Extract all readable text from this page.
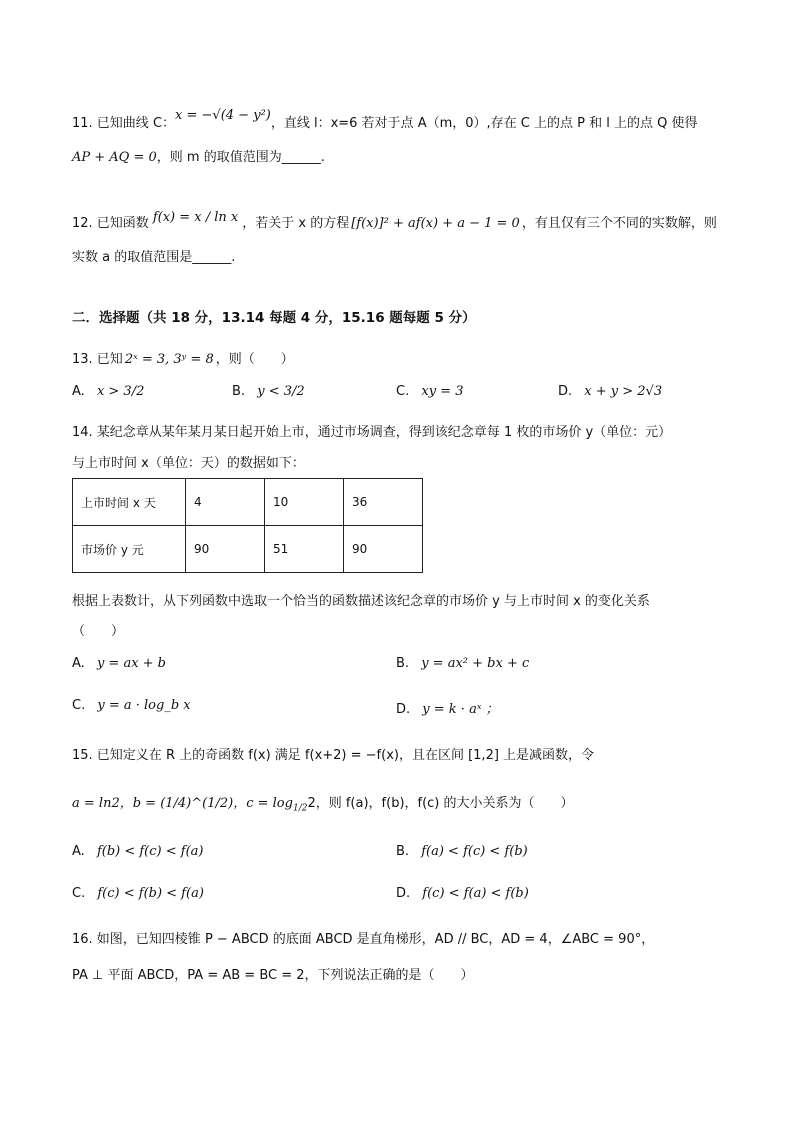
11. 已知曲线 C：x = −√(4 − y²)，直线 l：x=6 若对于点 A（m，0）,存在 C 上的点 P 和 l 上的点 Q 使得
AP + AQ = 0，则 m 的取值范围为______.
12. 已知函数 f(x) = x / ln x ，若关于 x 的方程 [f(x)]² + af(x) + a − 1 = 0 ，有且仅有三个不同的实数解，则
实数 a 的取值范围是______.
二．选择题（共 18 分，13.14 每题 4 分，15.16 题每题 5 分）
13. 已知 2ˣ = 3, 3ʸ = 8 ，则（　　）
A. x > 3/2	B. y < 3/2	C. xy = 3	D. x + y > 2√3
14. 某纪念章从某年某月某日起开始上市，通过市场调查，得到该纪念章每 1 枚的市场价 y（单位：元）
与上市时间 x（单位：天）的数据如下：
上市时间 x 天	4	10	36
市场价 y 元	90	51	90
根据上表数计，从下列函数中选取一个恰当的函数描述该纪念章的市场价 y 与上市时间 x 的变化关系
（　　）
A. y = ax + b	B. y = ax² + bx + c
C. y = a · log_b x	D. y = k · aˣ ；
15. 已知定义在 R 上的奇函数 f(x) 满足 f(x+2) = −f(x)，且在区间 [1,2] 上是减函数，令
a = ln2，b = (1/4)^(1/2)，$c = \log_{1/2}2$，则 f(a)，f(b)，f(c) 的大小关系为（　　）
A. f(b) < f(c) < f(a)	B. f(a) < f(c) < f(b)
C. f(c) < f(b) < f(a)	D. f(c) < f(a) < f(b)
16. 如图，已知四棱锥 P − ABCD 的底面 ABCD 是直角梯形，AD // BC，AD = 4，∠ABC = 90°，
PA ⊥ 平面 ABCD，PA = AB = BC = 2，下列说法正确的是（　　）
